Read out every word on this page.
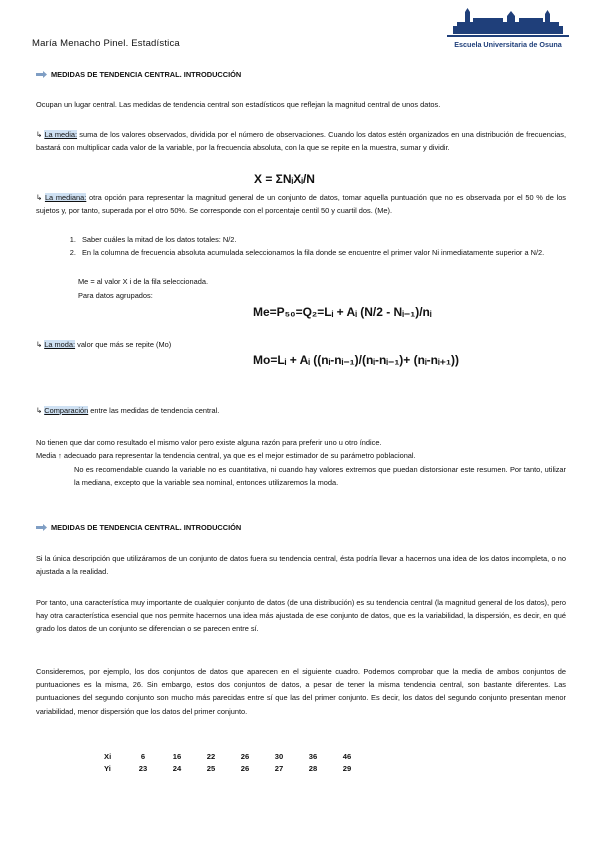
María Menacho Pinel. Estadística	Escuela Universitaria de Osuna
MEDIDAS DE TENDENCIA CENTRAL. INTRODUCCIÓN

Ocupan un lugar central. Las medidas de tendencia central son estadísticos que reflejan la magnitud central de unos datos.

↳ La media: suma de los valores observados, dividida por el número de observaciones. Cuando los datos estén organizados en una distribución de frecuencias, bastará con multiplicar cada valor de la variable, por la frecuencia absoluta, con la que se repite en la muestra, sumar y dividir.

X = ΣNᵢXᵢ/N

↳ La mediana: otra opción para representar la magnitud general de un conjunto de datos, tomar aquella puntuación que no es observada por el 50 % de los sujetos y, por tanto, superada por el otro 50%. Se corresponde con el porcentaje centil 50 y cuartil dos. (Me).

1. Saber cuáles la mitad de los datos totales: N/2.
2. En la columna de frecuencia absoluta acumulada seleccionamos la fila donde se encuentre el primer valor Ni inmediatamente superior a N/2.

Me = al valor X i de la fila seleccionada.

Para datos agrupados:

Me=P₅₀=Q₂=Lᵢ + Aᵢ (N/2 - Nᵢ₋₁)/nᵢ

↳ La moda: valor que más se repite (Mo)

Mo=Lᵢ + Aᵢ ((nᵢ-nᵢ₋₁)/(nᵢ-nᵢ₋₁)+ (nᵢ-nᵢ₊₁))

↳ Comparación entre las medidas de tendencia central.

No tienen que dar como resultado el mismo valor pero existe alguna razón para preferir uno u otro índice.

Media ↑ adecuado para representar la tendencia central, ya que es el mejor estimador de su parámetro poblacional.

No es recomendable cuando la variable no es cuantitativa, ni cuando hay valores extremos que puedan distorsionar este resumen. Por tanto, utilizar la mediana, excepto que la variable sea nominal, entonces utilizaremos la moda.

MEDIDAS DE TENDENCIA CENTRAL. INTRODUCCIÓN

Si la única descripción que utilizáramos de un conjunto de datos fuera su tendencia central, ésta podría llevar a hacernos una idea de los datos incompleta, o no ajustada a la realidad.

Por tanto, una característica muy importante de cualquier conjunto de datos (de una distribución) es su tendencia central (la magnitud general de los datos), pero hay otra característica esencial que nos permite hacernos una idea más ajustada de ese conjunto de datos, que es la variabilidad, la dispersión, es decir, en qué grado los datos de un conjunto se diferencian o se parecen entre sí.

Consideremos, por ejemplo, los dos conjuntos de datos que aparecen en el siguiente cuadro. Podemos comprobar que la media de ambos conjuntos de puntuaciones es la misma, 26. Sin embargo, estos dos conjuntos de datos, a pesar de tener la misma tendencia central, son bastante diferentes. Las puntuaciones del segundo conjunto son mucho más parecidas entre sí que las del primer conjunto. Es decir, los datos del segundo conjunto presentan menor variabilidad, menor dispersión que los datos del primer conjunto.

Xi	6	16	22	26	30	36	46
Yi	23	24	25	26	27	28	29
